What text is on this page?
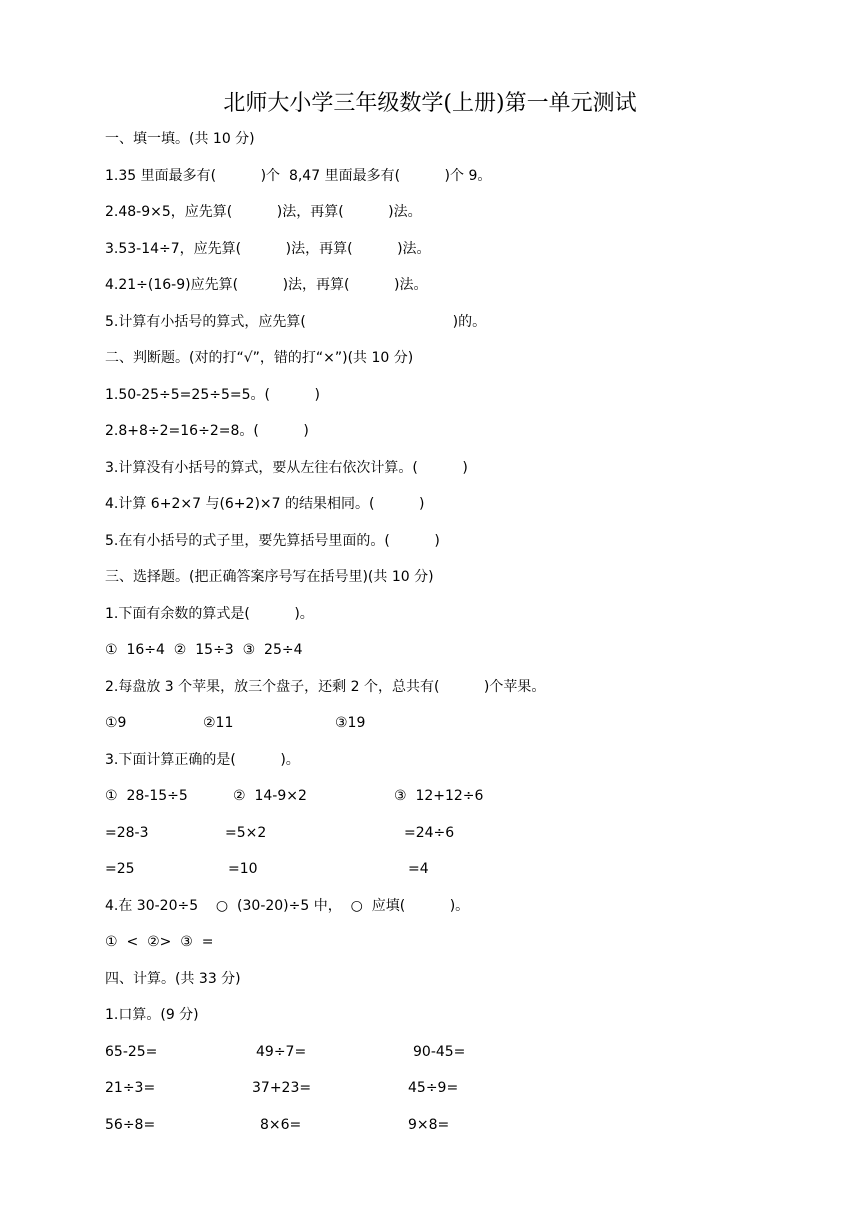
北师大小学三年级数学(上册)第一单元测试
一、填一填。(共 10 分)
1.35 里面最多有(          )个  8,47 里面最多有(          )个 9。
2.48-9×5，应先算(          )法，再算(          )法。
3.53-14÷7，应先算(          )法，再算(          )法。
4.21÷(16-9)应先算(          )法，再算(          )法。
5.计算有小括号的算式，应先算(                                 )的。
二、判断题。(对的打“√”，错的打“×”)(共 10 分)
1.50-25÷5=25÷5=5。(          )
2.8+8÷2=16÷2=8。(          )
3.计算没有小括号的算式，要从左往右依次计算。(          )
4.计算 6+2×7 与(6+2)×7 的结果相同。(          )
5.在有小括号的式子里，要先算括号里面的。(          )
三、选择题。(把正确答案序号写在括号里)(共 10 分)
1.下面有余数的算式是(          )。
①  16÷4  ②  15÷3  ③  25÷4
2.每盘放 3 个苹果，放三个盘子，还剩 2 个，总共有(          )个苹果。
①9	②11	③19
3.下面计算正确的是(          )。
①  28-15÷5	②  14-9×2	③  12+12÷6
=28-3	=5×2	=24÷6
=25	=10	=4
4.在 30-20÷5    ○  (30-20)÷5 中，  ○  应填(          )。
①  <  ②>  ③  =
四、计算。(共 33 分)
1.口算。(9 分)
65-25=	49÷7=	90-45=
21÷3=	37+23=	45÷9=
56÷8=	8×6=	9×8=
